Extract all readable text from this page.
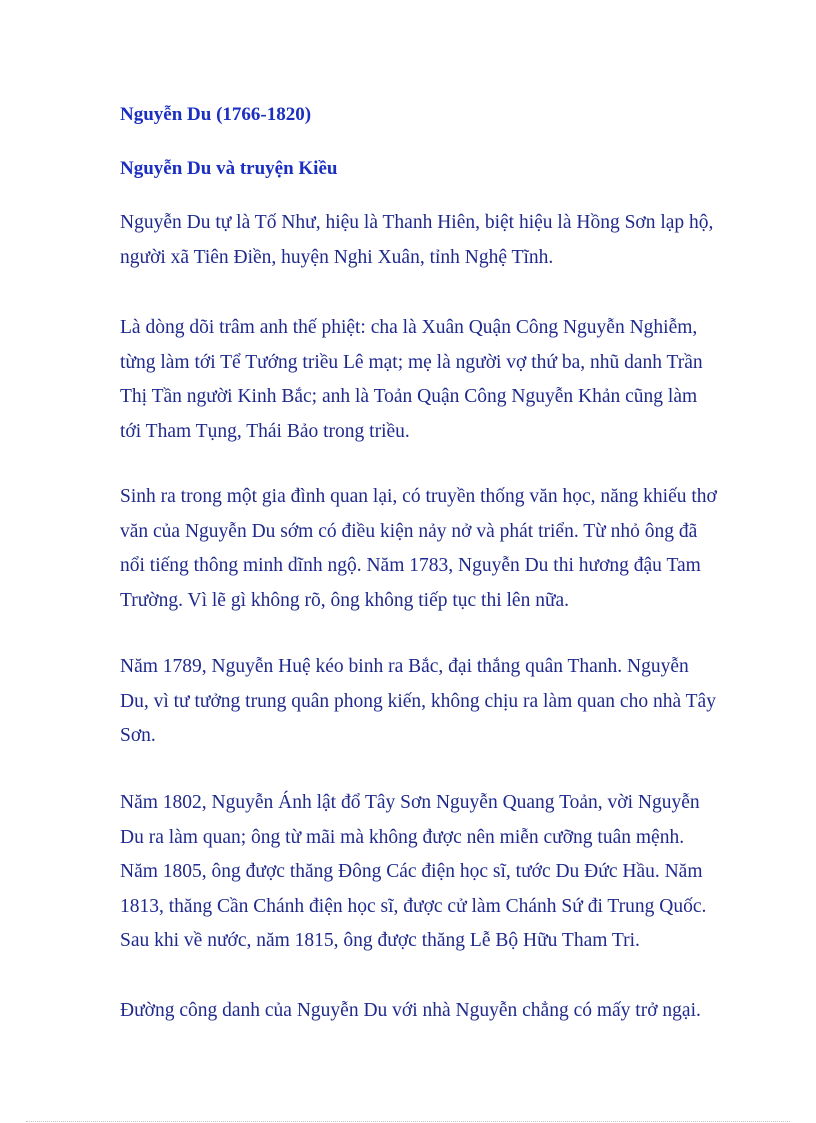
Nguyễn Du (1766-1820)
Nguyễn Du và truyện Kiều
Nguyễn Du tự là Tố Như, hiệu là Thanh Hiên, biệt hiệu là Hồng Sơn lạp hộ,
người xã Tiên Điền, huyện Nghi Xuân, tỉnh Nghệ Tĩnh.
Là dòng dõi trâm anh thế phiệt: cha là Xuân Quận Công Nguyễn Nghiễm,
từng làm tới Tể Tướng triều Lê mạt; mẹ là người vợ thứ ba, nhũ danh Trần
Thị Tần người Kinh Bắc; anh là Toản Quận Công Nguyễn Khản cũng làm
tới Tham Tụng, Thái Bảo trong triều.
Sinh ra trong một gia đình quan lại, có truyền thống văn học, năng khiếu thơ
văn của Nguyễn Du sớm có điều kiện nảy nở và phát triển. Từ nhỏ ông đã
nổi tiếng thông minh dĩnh ngộ. Năm 1783, Nguyễn Du thi hương đậu Tam
Trường. Vì lẽ gì không rõ, ông không tiếp tục thi lên nữa.
Năm 1789, Nguyễn Huệ kéo binh ra Bắc, đại thắng quân Thanh. Nguyễn
Du, vì tư tưởng trung quân phong kiến, không chịu ra làm quan cho nhà Tây
Sơn.
Năm 1802, Nguyễn Ánh lật đổ Tây Sơn Nguyễn Quang Toản, vời Nguyễn
Du ra làm quan; ông từ mãi mà không được nên miễn cưỡng tuân mệnh.
Năm 1805, ông được thăng Đông Các điện học sĩ, tước Du Đức Hầu. Năm
1813, thăng Cần Chánh điện học sĩ, được cử làm Chánh Sứ đi Trung Quốc.
Sau khi về nước, năm 1815, ông được thăng Lễ Bộ Hữu Tham Tri.
Đường công danh của Nguyễn Du với nhà Nguyễn chẳng có mấy trở ngại.
